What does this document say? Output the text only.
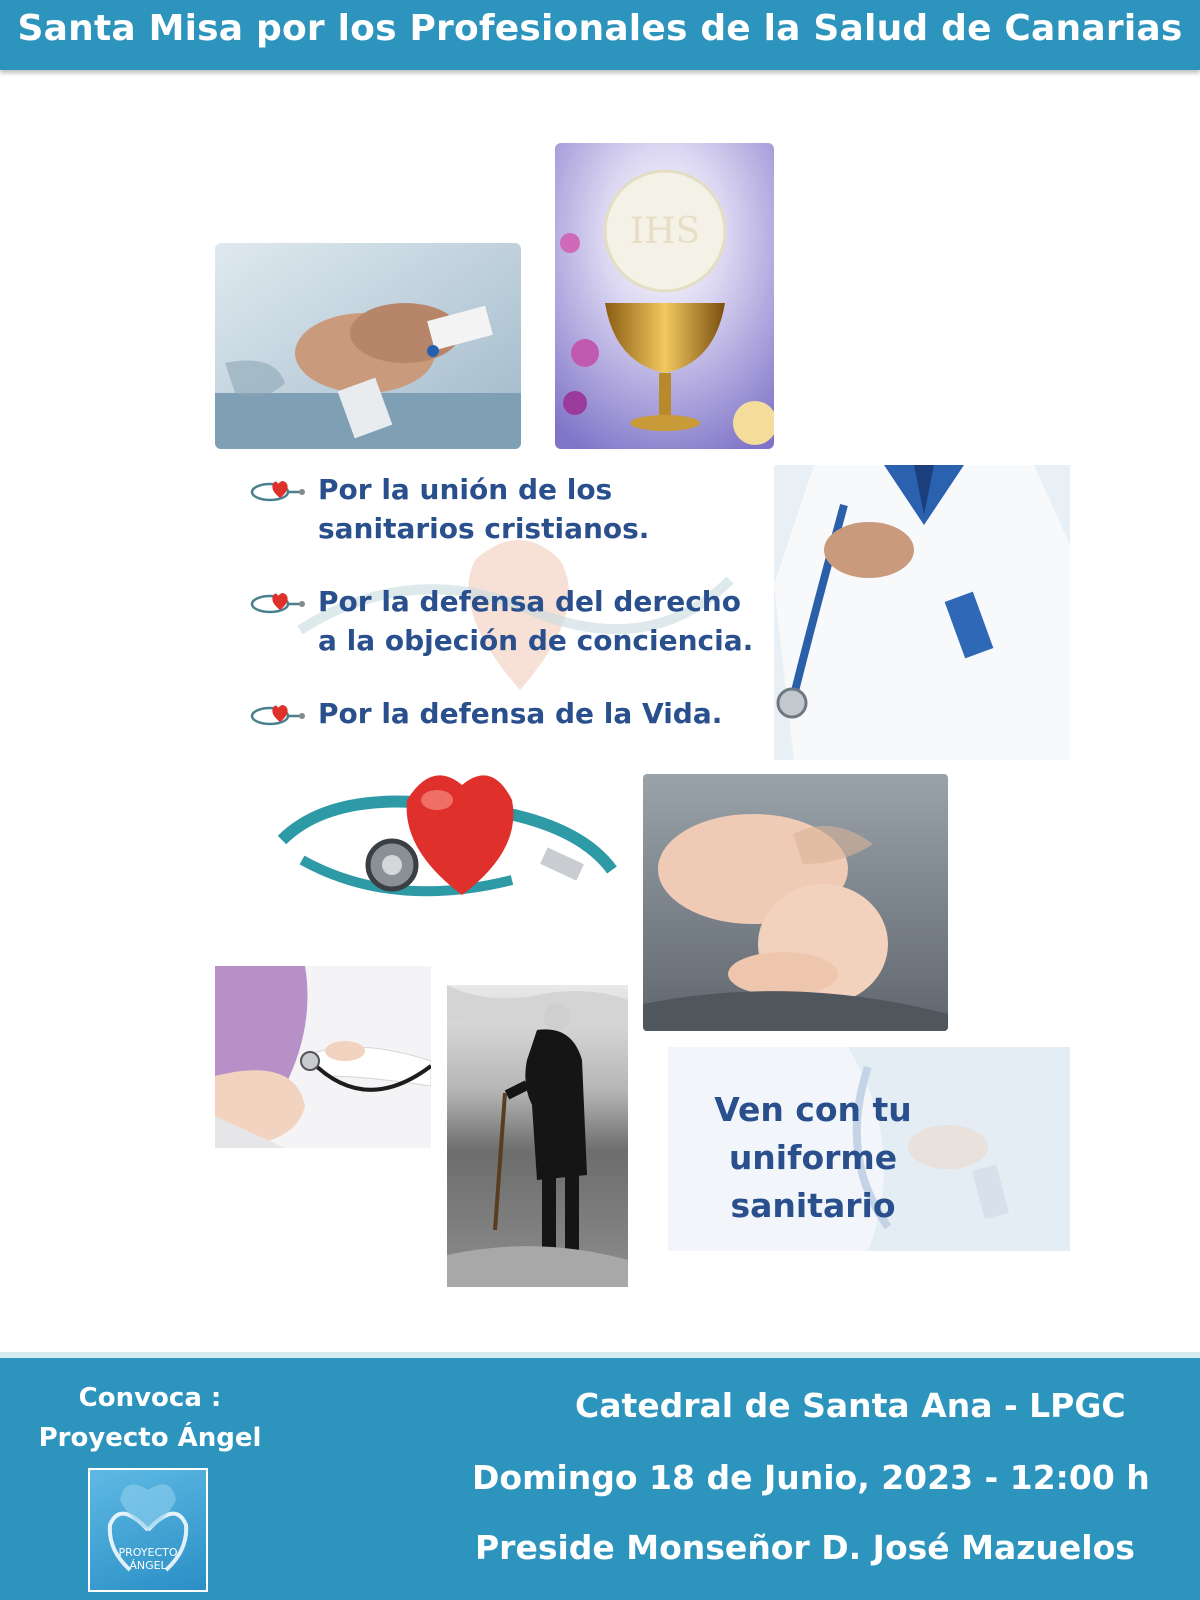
Santa Misa por los Profesionales de la Salud de Canarias
IHS
Por la unión de los
sanitarios cristianos.
Por la defensa del derecho
a la objeción de conciencia.
Por la defensa de la Vida.
Ven con tu
uniforme
sanitario
Convoca :
Proyecto Ángel
PROYECTO
ÁNGEL
Catedral de Santa Ana - LPGC
Domingo 18 de Junio, 2023 - 12:00 h
Preside Monseñor D. José Mazuelos
